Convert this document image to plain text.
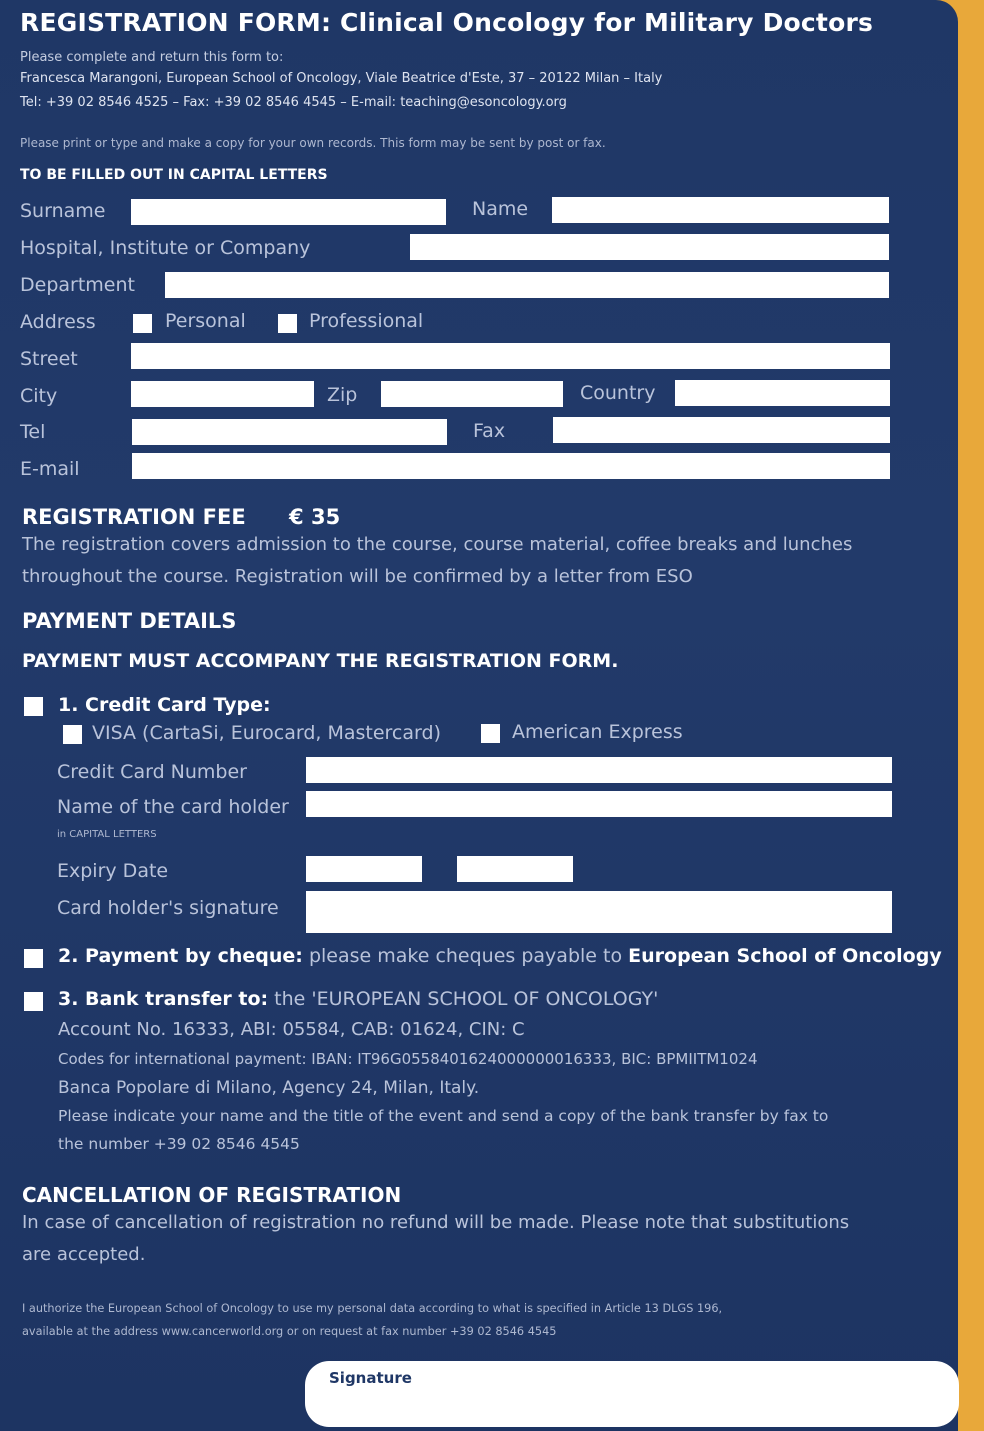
REGISTRATION FORM: Clinical Oncology for Military Doctors
Please complete and return this form to:
Francesca Marangoni, European School of Oncology, Viale Beatrice d'Este, 37 – 20122 Milan – Italy
Tel: +39 02 8546 4525 – Fax: +39 02 8546 4545 – E-mail: teaching@esoncology.org
Please print or type and make a copy for your own records. This form may be sent by post or fax.
TO BE FILLED OUT IN CAPITAL LETTERS
Surname	Name
Hospital, Institute or Company
Department
Address	Personal	Professional
Street
City	Zip	Country
Tel	Fax
E-mail
REGISTRATION FEE € 35
The registration covers admission to the course, course material, coffee breaks and lunches
throughout the course. Registration will be confirmed by a letter from ESO
PAYMENT DETAILS
PAYMENT MUST ACCOMPANY THE REGISTRATION FORM.
1. Credit Card Type:
VISA (CartaSi, Eurocard, Mastercard)	American Express
Credit Card Number
Name of the card holder
in CAPITAL LETTERS
Expiry Date
Card holder's signature
2. Payment by cheque: please make cheques payable to European School of Oncology
3. Bank transfer to: the 'EUROPEAN SCHOOL OF ONCOLOGY'
Account No. 16333, ABI: 05584, CAB: 01624, CIN: C
Codes for international payment: IBAN: IT96G0558401624000000016333, BIC: BPMIITM1024
Banca Popolare di Milano, Agency 24, Milan, Italy.
Please indicate your name and the title of the event and send a copy of the bank transfer by fax to
the number +39 02 8546 4545
CANCELLATION OF REGISTRATION
In case of cancellation of registration no refund will be made. Please note that substitutions
are accepted.
I authorize the European School of Oncology to use my personal data according to what is specified in Article 13 DLGS 196,
available at the address www.cancerworld.org or on request at fax number +39 02 8546 4545
Signature
